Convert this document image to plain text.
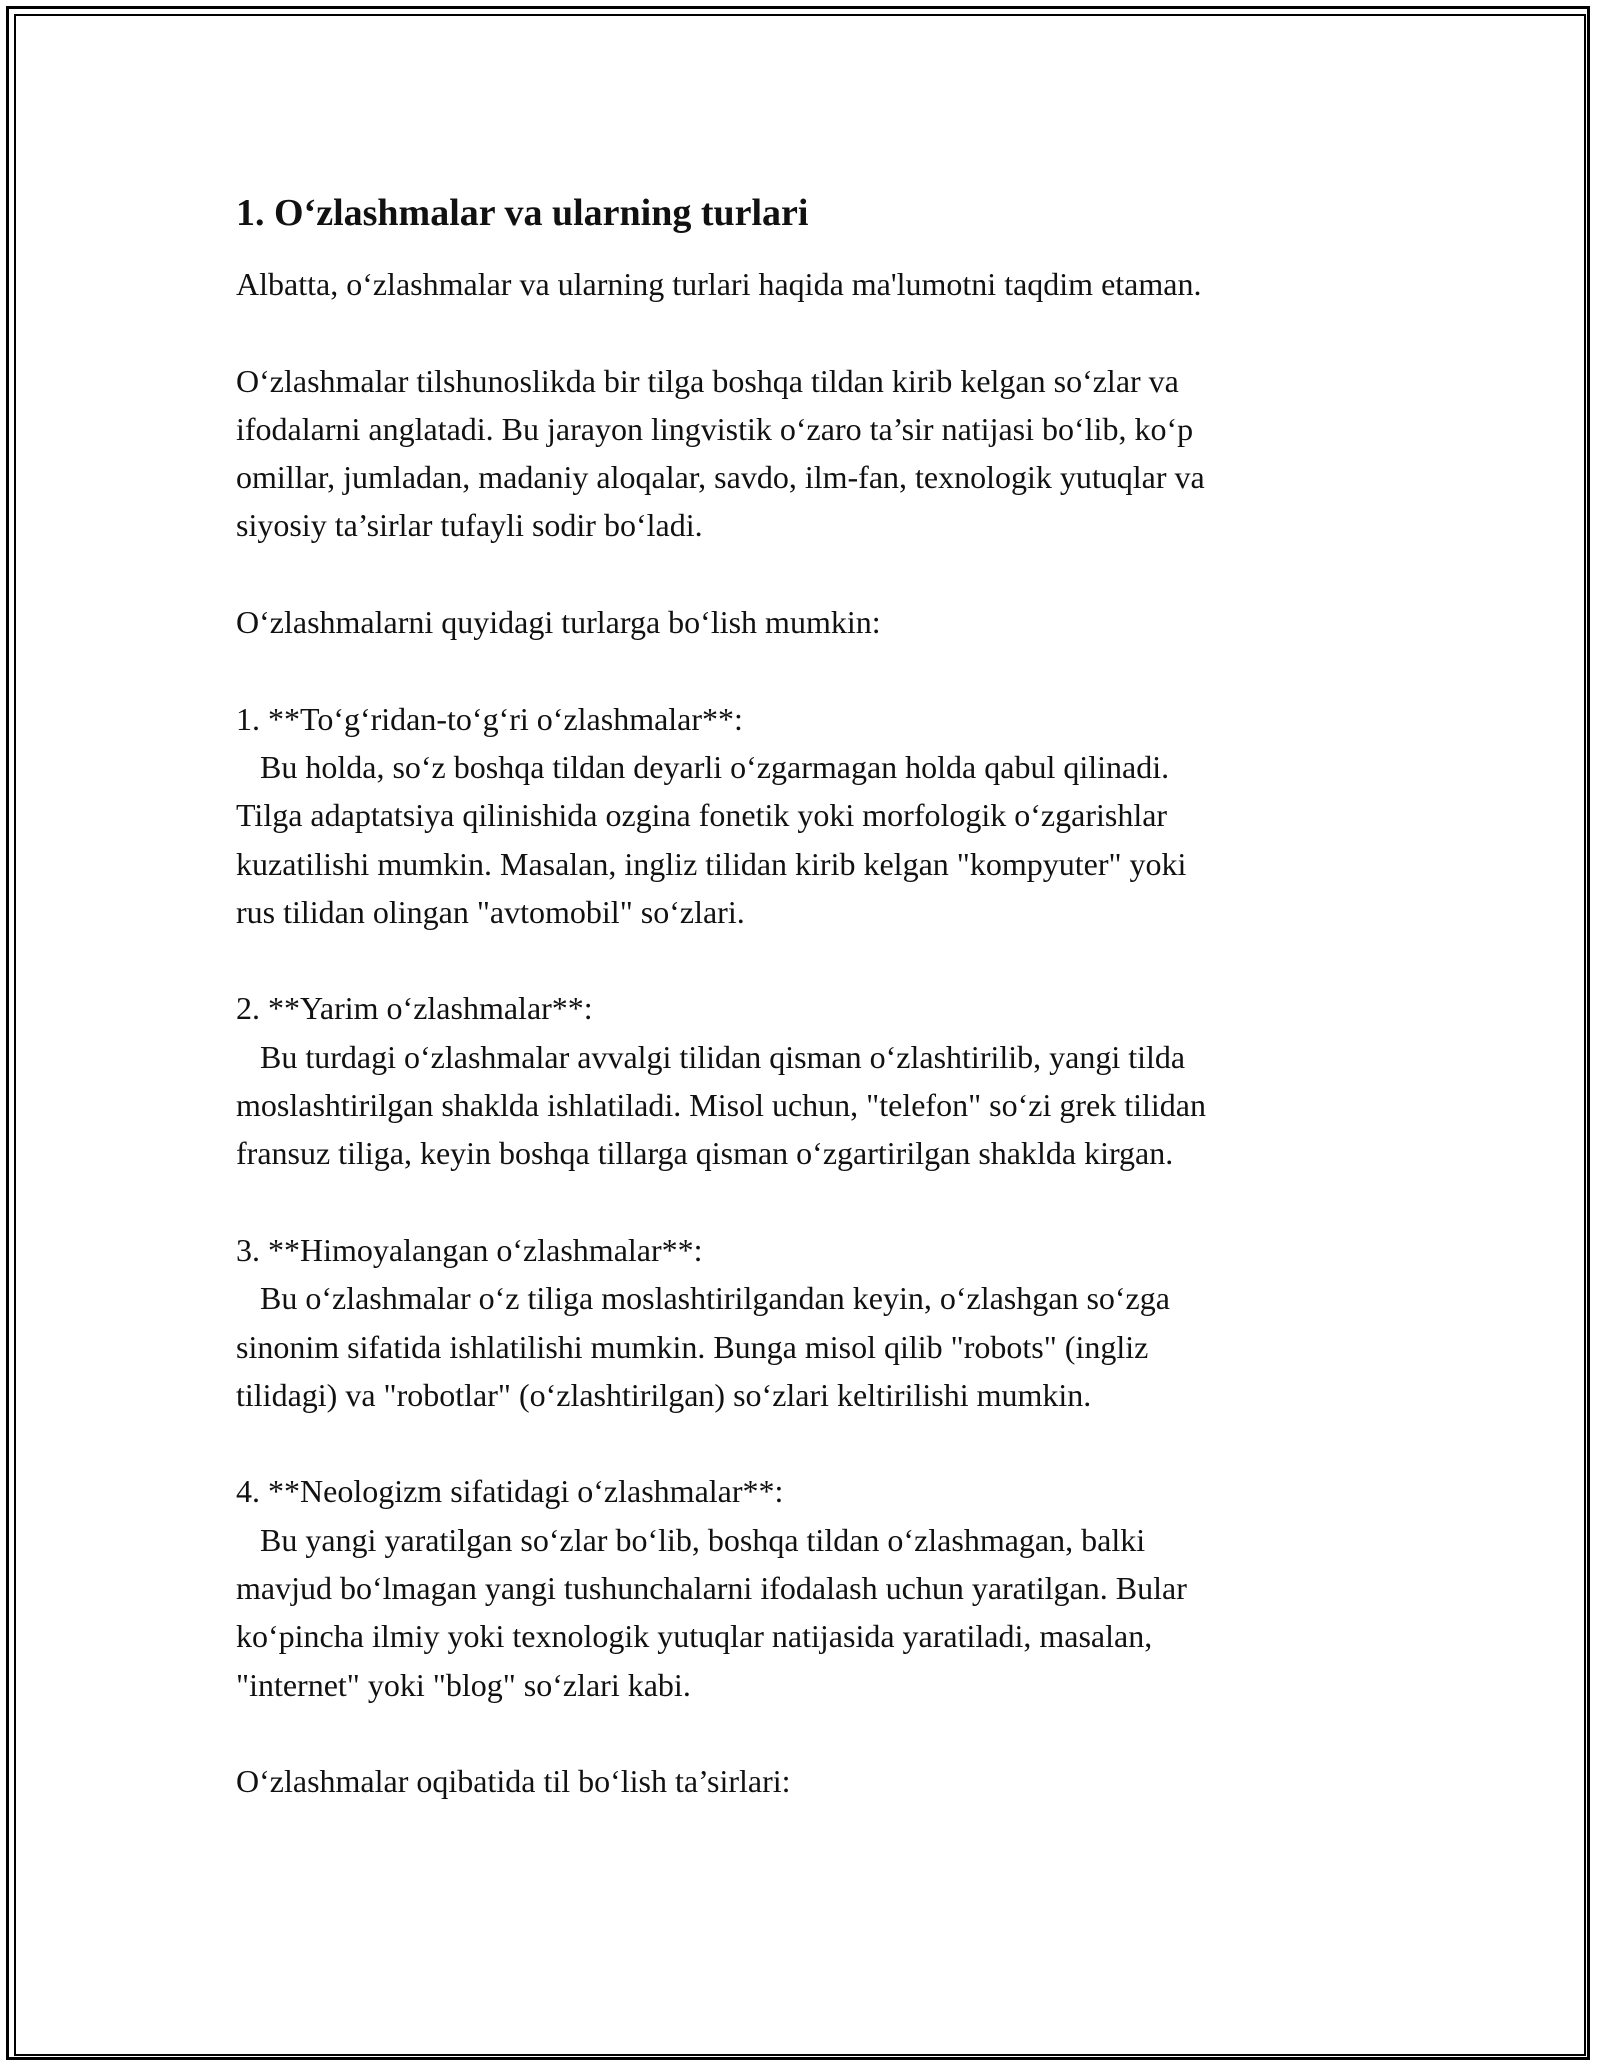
1. O‘zlashmalar va ularning turlari

Albatta, o‘zlashmalar va ularning turlari haqida ma'lumotni taqdim etaman.

O‘zlashmalar tilshunoslikda bir tilga boshqa tildan kirib kelgan so‘zlar va
ifodalarni anglatadi. Bu jarayon lingvistik o‘zaro ta’sir natijasi bo‘lib, ko‘p
omillar, jumladan, madaniy aloqalar, savdo, ilm-fan, texnologik yutuqlar va
siyosiy ta’sirlar tufayli sodir bo‘ladi.

O‘zlashmalarni quyidagi turlarga bo‘lish mumkin:

1. **To‘g‘ridan-to‘g‘ri o‘zlashmalar**:
Bu holda, so‘z boshqa tildan deyarli o‘zgarmagan holda qabul qilinadi.
Tilga adaptatsiya qilinishida ozgina fonetik yoki morfologik o‘zgarishlar
kuzatilishi mumkin. Masalan, ingliz tilidan kirib kelgan "kompyuter" yoki
rus tilidan olingan "avtomobil" so‘zlari.

2. **Yarim o‘zlashmalar**:
Bu turdagi o‘zlashmalar avvalgi tilidan qisman o‘zlashtirilib, yangi tilda
moslashtirilgan shaklda ishlatiladi. Misol uchun, "telefon" so‘zi grek tilidan
fransuz tiliga, keyin boshqa tillarga qisman o‘zgartirilgan shaklda kirgan.

3. **Himoyalangan o‘zlashmalar**:
Bu o‘zlashmalar o‘z tiliga moslashtirilgandan keyin, o‘zlashgan so‘zga
sinonim sifatida ishlatilishi mumkin. Bunga misol qilib "robots" (ingliz
tilidagi) va "robotlar" (o‘zlashtirilgan) so‘zlari keltirilishi mumkin.

4. **Neologizm sifatidagi o‘zlashmalar**:
Bu yangi yaratilgan so‘zlar bo‘lib, boshqa tildan o‘zlashmagan, balki
mavjud bo‘lmagan yangi tushunchalarni ifodalash uchun yaratilgan. Bular
ko‘pincha ilmiy yoki texnologik yutuqlar natijasida yaratiladi, masalan,
"internet" yoki "blog" so‘zlari kabi.

O‘zlashmalar oqibatida til bo‘lish ta’sirlari:
